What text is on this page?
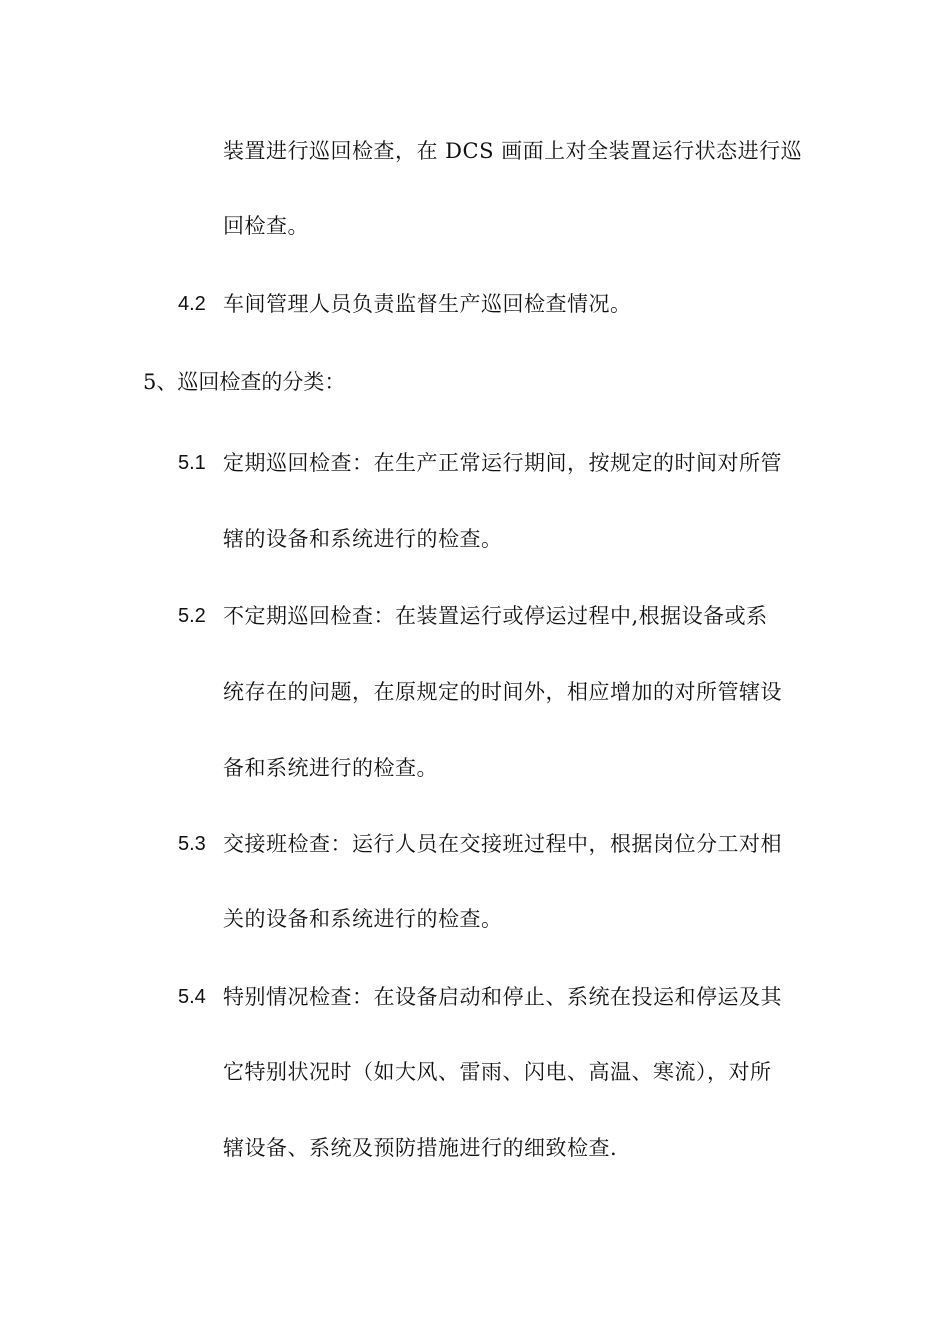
装置进行巡回检查，在 DCS 画面上对全装置运行状态进行巡
回检查。
4.2 车间管理人员负责监督生产巡回检查情况。
5、巡回检查的分类：
5.1 定期巡回检查：在生产正常运行期间，按规定的时间对所管
辖的设备和系统进行的检查。
5.2 不定期巡回检查：在装置运行或停运过程中,根据设备或系
统存在的问题，在原规定的时间外，相应增加的对所管辖设
备和系统进行的检查。
5.3 交接班检查：运行人员在交接班过程中，根据岗位分工对相
关的设备和系统进行的检查。
5.4 特别情况检查：在设备启动和停止、系统在投运和停运及其
它特别状况时（如大风、雷雨、闪电、高温、寒流），对所
辖设备、系统及预防措施进行的细致检查.
